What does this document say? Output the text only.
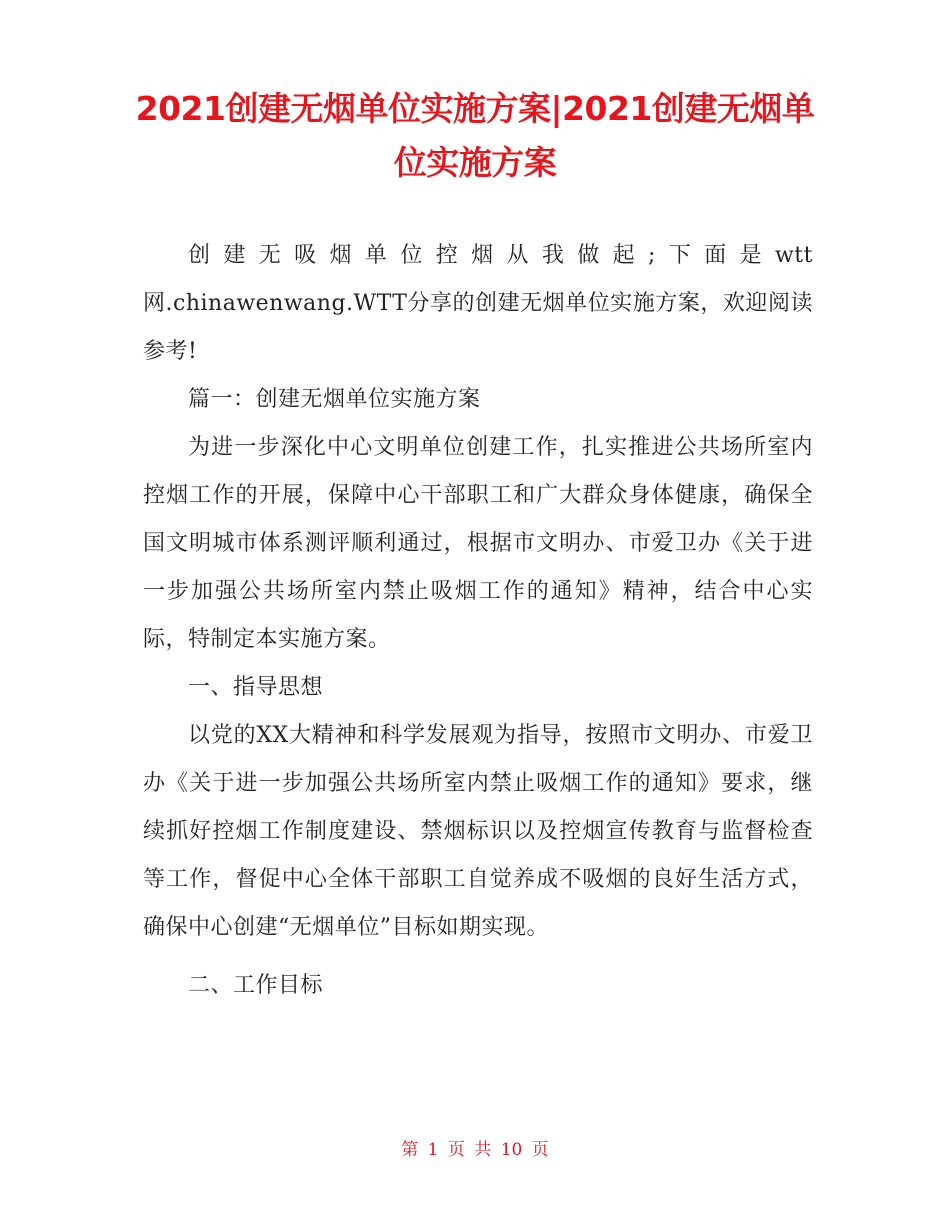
2021创建无烟单位实施方案|2021创建无烟单位实施方案

创建无吸烟单位控烟从我做起;下面是wtt网.chinawenwang.WTT分享的创建无烟单位实施方案，欢迎阅读参考!

篇一：创建无烟单位实施方案

为进一步深化中心文明单位创建工作，扎实推进公共场所室内控烟工作的开展，保障中心干部职工和广大群众身体健康，确保全国文明城市体系测评顺利通过，根据市文明办、市爱卫办《关于进一步加强公共场所室内禁止吸烟工作的通知》精神，结合中心实际，特制定本实施方案。

一、指导思想

以党的XX大精神和科学发展观为指导，按照市文明办、市爱卫办《关于进一步加强公共场所室内禁止吸烟工作的通知》要求，继续抓好控烟工作制度建设、禁烟标识以及控烟宣传教育与监督检查等工作，督促中心全体干部职工自觉养成不吸烟的良好生活方式，确保中心创建“无烟单位”目标如期实现。

二、工作目标

第 1 页 共 10 页
